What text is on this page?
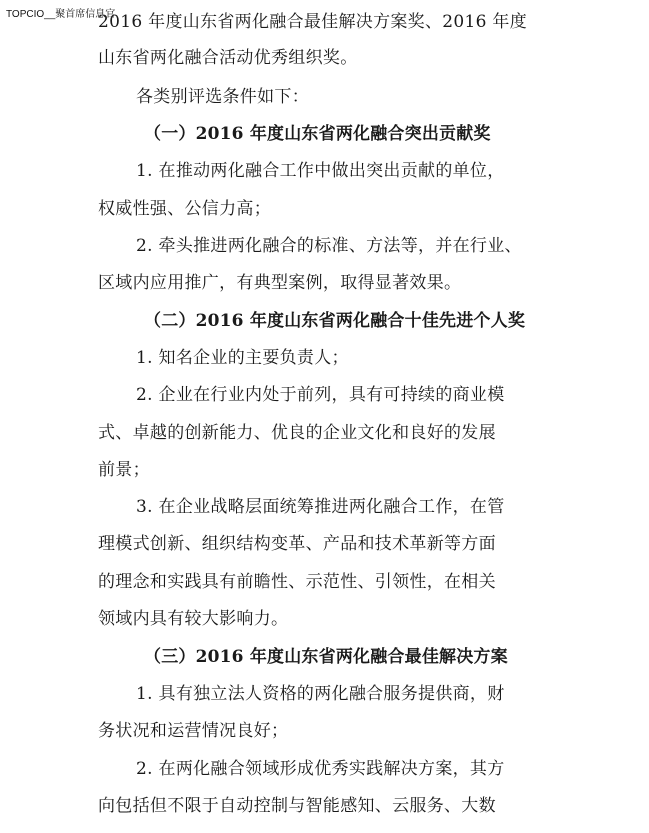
TOPCIO__聚首席信息官
2016 年度山东省两化融合最佳解决方案奖、2016 年度
山东省两化融合活动优秀组织奖。
各类别评选条件如下：
（一）2016 年度山东省两化融合突出贡献奖
1. 在推动两化融合工作中做出突出贡献的单位，
权威性强、公信力高；
2. 牵头推进两化融合的标准、方法等，并在行业、
区域内应用推广，有典型案例，取得显著效果。
（二）2016 年度山东省两化融合十佳先进个人奖
1. 知名企业的主要负责人；
2. 企业在行业内处于前列，具有可持续的商业模
式、卓越的创新能力、优良的企业文化和良好的发展
前景；
3. 在企业战略层面统筹推进两化融合工作，在管
理模式创新、组织结构变革、产品和技术革新等方面
的理念和实践具有前瞻性、示范性、引领性，在相关
领域内具有较大影响力。
（三）2016 年度山东省两化融合最佳解决方案
1. 具有独立法人资格的两化融合服务提供商，财
务状况和运营情况良好；
2. 在两化融合领域形成优秀实践解决方案，其方
向包括但不限于自动控制与智能感知、云服务、大数
